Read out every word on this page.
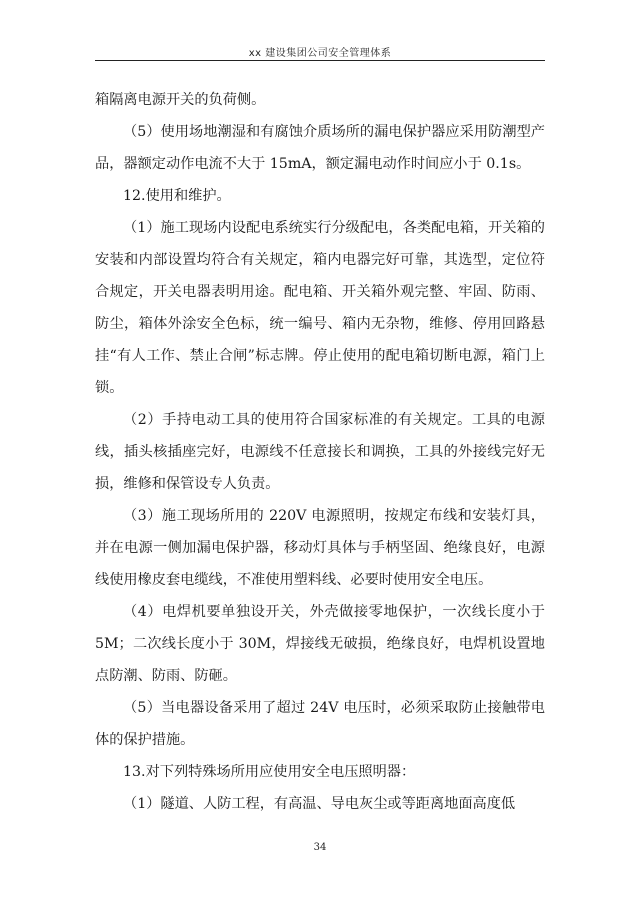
xx 建设集团公司安全管理体系

箱隔离电源开关的负荷侧。

（5）使用场地潮湿和有腐蚀介质场所的漏电保护器应采用防潮型产品，器额定动作电流不大于 15mA，额定漏电动作时间应小于 0.1s。

12.使用和维护。

（1）施工现场内设配电系统实行分级配电，各类配电箱，开关箱的安装和内部设置均符合有关规定，箱内电器完好可靠，其选型，定位符合规定，开关电器表明用途。配电箱、开关箱外观完整、牢固、防雨、防尘，箱体外涂安全色标，统一编号、箱内无杂物，维修、停用回路悬挂“有人工作、禁止合闸”标志牌。停止使用的配电箱切断电源，箱门上锁。

（2）手持电动工具的使用符合国家标准的有关规定。工具的电源线，插头核插座完好，电源线不任意接长和调换，工具的外接线完好无损，维修和保管设专人负责。

（3）施工现场所用的 220V 电源照明，按规定布线和安装灯具，并在电源一侧加漏电保护器，移动灯具体与手柄坚固、绝缘良好，电源线使用橡皮套电缆线，不准使用塑料线、必要时使用安全电压。

（4）电焊机要单独设开关，外壳做接零地保护，一次线长度小于 5M；二次线长度小于 30M，焊接线无破损，绝缘良好，电焊机设置地点防潮、防雨、防砸。

（5）当电器设备采用了超过 24V 电压时，必须采取防止接触带电体的保护措施。

13.对下列特殊场所用应使用安全电压照明器：

（1）隧道、人防工程，有高温、导电灰尘或等距离地面高度低

34
